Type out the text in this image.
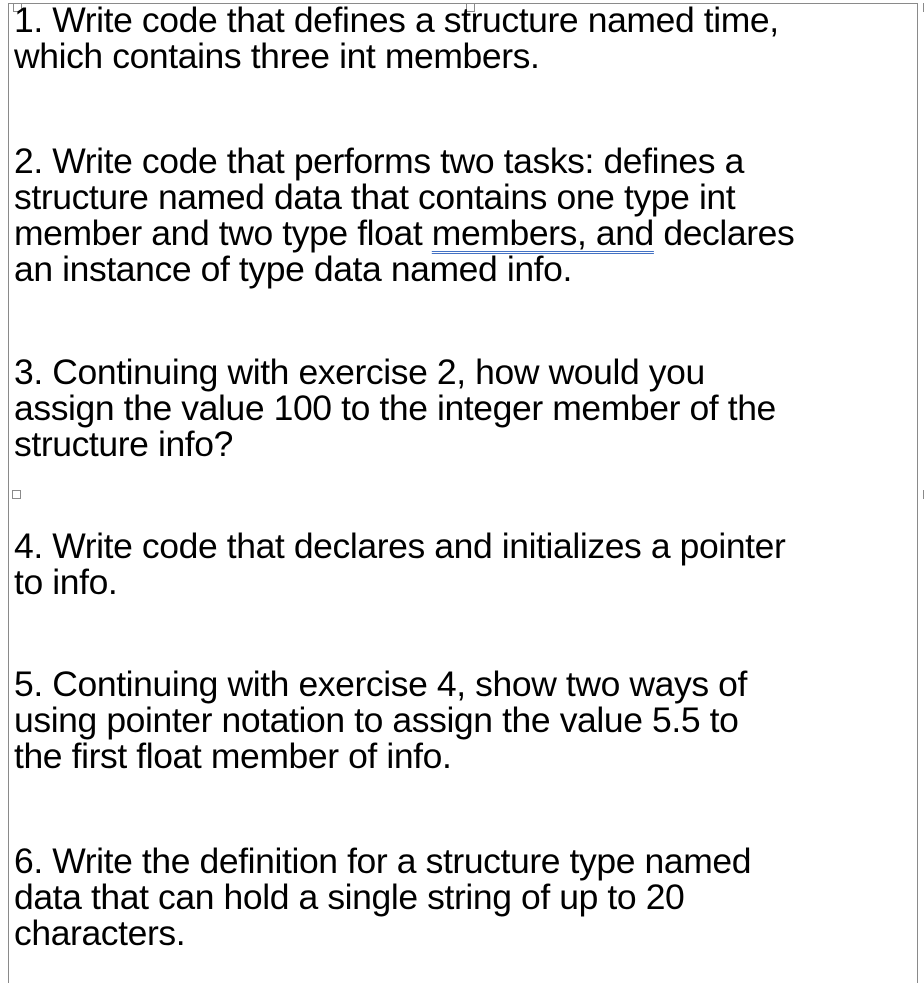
1. Write code that defines a structure named time,
which contains three int members.

2. Write code that performs two tasks: defines a
structure named data that contains one type int
member and two type float members, and declares
an instance of type data named info.

3. Continuing with exercise 2, how would you
assign the value 100 to the integer member of the
structure info?

4. Write code that declares and initializes a pointer
to info.

5. Continuing with exercise 4, show two ways of
using pointer notation to assign the value 5.5 to
the first float member of info.

6. Write the definition for a structure type named
data that can hold a single string of up to 20
characters.
